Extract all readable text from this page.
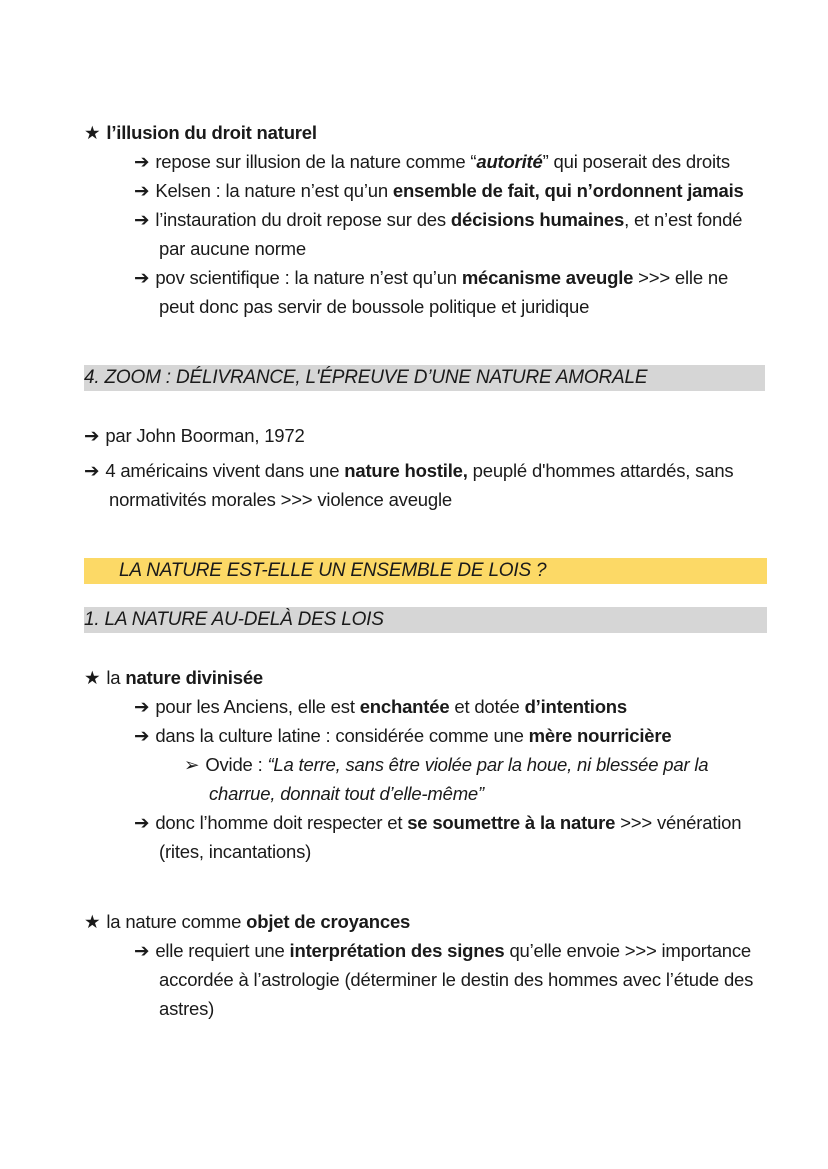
★ l’illusion du droit naturel
➔ repose sur illusion de la nature comme “autorité” qui poserait des droits
➔ Kelsen : la nature n’est qu’un ensemble de fait, qui n’ordonnent jamais
➔ l’instauration du droit repose sur des décisions humaines, et n’est fondé
par aucune norme
➔ pov scientifique : la nature n’est qu’un mécanisme aveugle >>> elle ne
peut donc pas servir de boussole politique et juridique
4. ZOOM : DÉLIVRANCE, L'ÉPREUVE D’UNE NATURE AMORALE
➔ par John Boorman, 1972
➔ 4 américains vivent dans une nature hostile, peuplé d'hommes attardés, sans
normativités morales >>> violence aveugle
LA NATURE EST-ELLE UN ENSEMBLE DE LOIS ?
1. LA NATURE AU-DELÀ DES LOIS
★ la nature divinisée
➔ pour les Anciens, elle est enchantée et dotée d’intentions
➔ dans la culture latine : considérée comme une mère nourricière
➢ Ovide : “La terre, sans être violée par la houe, ni blessée par la
charrue, donnait tout d’elle-même”
➔ donc l’homme doit respecter et se soumettre à la nature >>> vénération
(rites, incantations)
★ la nature comme objet de croyances
➔ elle requiert une interprétation des signes qu’elle envoie >>> importance
accordée à l’astrologie (déterminer le destin des hommes avec l’étude des
astres)
